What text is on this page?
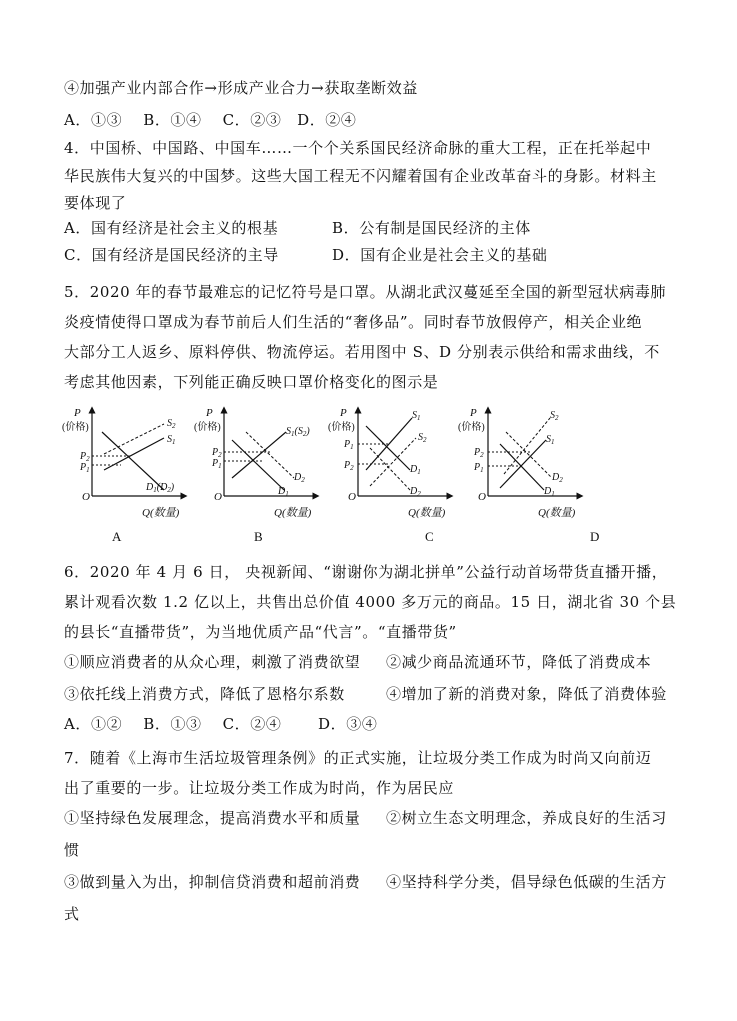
④加强产业内部合作→形成产业合力→获取垄断效益
A．①③　 B．①④　 C．②③　D．②④
4．中国桥、中国路、中国车……一个个关系国民经济命脉的重大工程，正在托举起中
华民族伟大复兴的中国梦。这些大国工程无不闪耀着国有企业改革奋斗的身影。材料主
要体现了
A．国有经济是社会主义的根基	B．公有制是国民经济的主体
C．国有经济是国民经济的主导	D．国有企业是社会主义的基础
5．2020 年的春节最难忘的记忆符号是口罩。从湖北武汉蔓延至全国的新型冠状病毒肺
炎疫情使得口罩成为春节前后人们生活的“奢侈品”。同时春节放假停产，相关企业绝
大部分工人返乡、原料停供、物流停运。若用图中 S、D 分别表示供给和需求曲线，不
考虑其他因素，下列能正确反映口罩价格变化的图示是
P
(价格)
O
$P_2$
$P_1$
$S_2$
$S_1$
$D_1(D_2)$
Q(数量)
P
(价格)
O
$P_2$
$P_1$
$S_1(S_2)$
$D_2$
$D_1$
Q(数量)
P
(价格)
O
$P_1$
$P_2$
$S_1$
$S_2$
$D_1$
$D_2$
Q(数量)
P
(价格)
O
$P_2$
$P_1$
$S_2$
$S_1$
$D_2$
$D_1$
Q(数量)
A	B	C	D
6．2020 年 4 月 6 日， 央视新闻、“谢谢你为湖北拼单”公益行动首场带货直播开播，
累计观看次数 1.2 亿以上，共售出总价值 4000 多万元的商品。15 日，湖北省 30 个县
的县长“直播带货”，为当地优质产品“代言”。“直播带货”
①顺应消费者的从众心理，刺激了消费欲望 ②减少商品流通环节，降低了消费成本
③依托线上消费方式，降低了恩格尔系数	④增加了新的消费对象，降低了消费体验
A．①②　 B．①③　 C．②④　　 D．③④
7．随着《上海市生活垃圾管理条例》的正式实施，让垃圾分类工作成为时尚又向前迈
出了重要的一步。让垃圾分类工作成为时尚，作为居民应
①坚持绿色发展理念，提高消费水平和质量 ②树立生态文明理念，养成良好的生活习
惯
③做到量入为出，抑制信贷消费和超前消费 ④坚持科学分类，倡导绿色低碳的生活方
式
